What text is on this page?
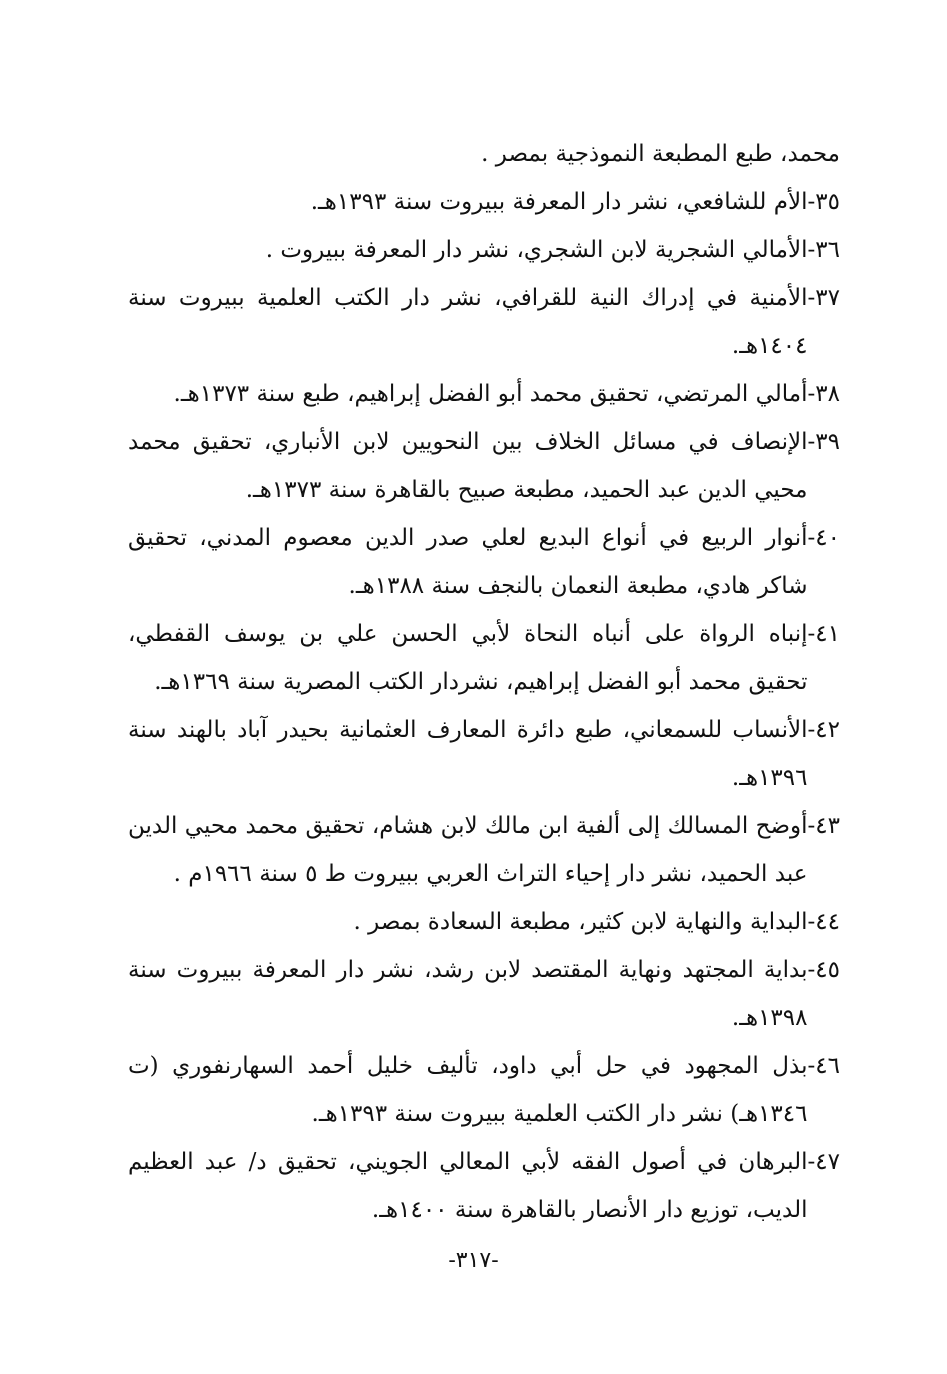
محمد، طبع المطبعة النموذجية بمصر .
٣٥-
الأم للشافعي، نشر دار المعرفة ببيروت سنة ١٣٩٣هـ.
٣٦-
الأمالي الشجرية لابن الشجري، نشر دار المعرفة ببيروت .
٣٧-
الأمنية في إدراك النية للقرافي، نشر دار الكتب العلمية ببيروت سنة ١٤٠٤هـ.
٣٨-
أمالي المرتضي، تحقيق محمد أبو الفضل إبراهيم، طبع سنة ١٣٧٣هـ.
٣٩-
الإنصاف في مسائل الخلاف بين النحويين لابن الأنباري، تحقيق محمد محيي الدين عبد الحميد، مطبعة صبيح بالقاهرة سنة ١٣٧٣هـ.
٤٠-
أنوار الربيع في أنواع البديع لعلي صدر الدين معصوم المدني، تحقيق شاكر هادي، مطبعة النعمان بالنجف سنة ١٣٨٨هـ.
٤١-
إنباه الرواة على أنباه النحاة لأبي الحسن علي بن يوسف القفطي، تحقيق محمد أبو الفضل إبراهيم، نشردار الكتب المصرية سنة ١٣٦٩هـ.
٤٢-
الأنساب للسمعاني، طبع دائرة المعارف العثمانية بحيدر آباد بالهند سنة ١٣٩٦هـ.
٤٣-
أوضح المسالك إلى ألفية ابن مالك لابن هشام، تحقيق محمد محيي الدين عبد الحميد، نشر دار إحياء التراث العربي ببيروت ط ٥ سنة ١٩٦٦م .
٤٤-
البداية والنهاية لابن كثير، مطبعة السعادة بمصر .
٤٥-
بداية المجتهد ونهاية المقتصد لابن رشد، نشر دار المعرفة ببيروت سنة ١٣٩٨هـ.
٤٦-
بذل المجهود في حل أبي داود، تأليف خليل أحمد السهارنفوري (ت ١٣٤٦هـ) نشر دار الكتب العلمية ببيروت سنة ١٣٩٣هـ.
٤٧-
البرهان في أصول الفقه لأبي المعالي الجويني، تحقيق د/ عبد العظيم الديب، توزيع دار الأنصار بالقاهرة سنة ١٤٠٠هـ.
-٣١٧-
